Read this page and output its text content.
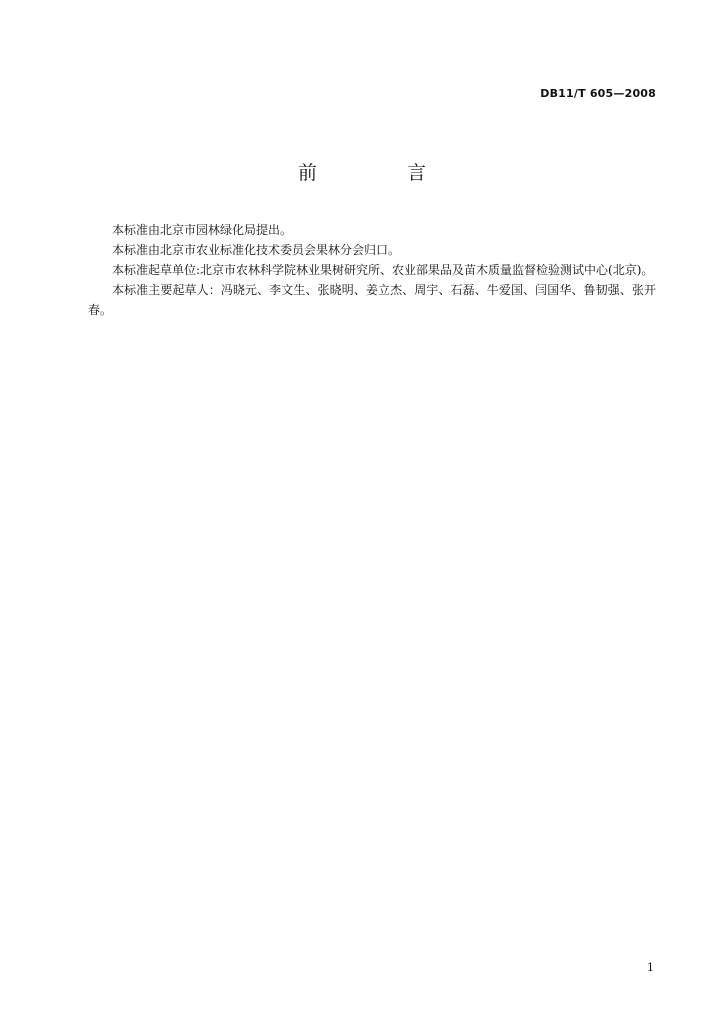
DB11/T 605—2008
前 言

本标准由北京市园林绿化局提出。

本标准由北京市农业标准化技术委员会果林分会归口。

本标准起草单位:北京市农林科学院林业果树研究所、农业部果品及苗木质量监督检验测试中心(北京)。

本标准主要起草人：冯晓元、李文生、张晓明、姜立杰、周宇、石磊、牛爱国、闫国华、鲁韧强、张开春。

1
